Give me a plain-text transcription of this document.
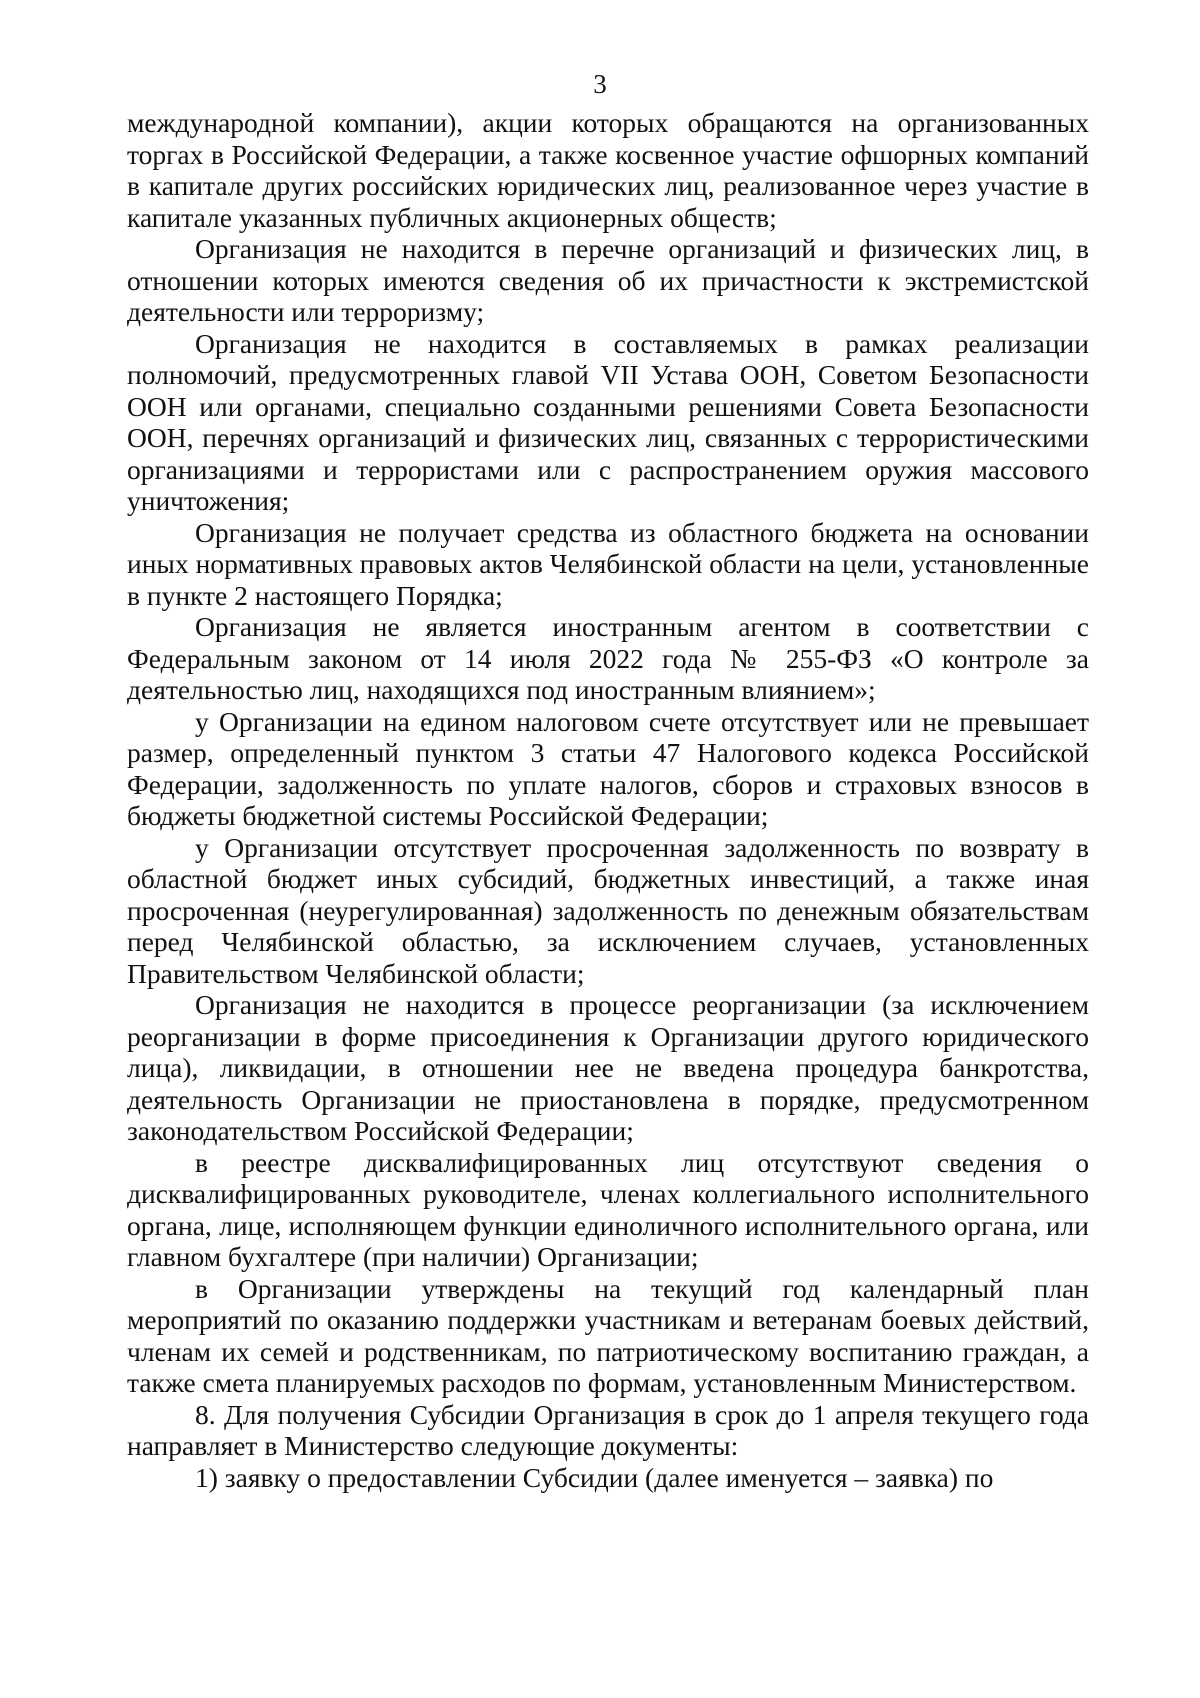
3

международной компании), акции которых обращаются на организованных торгах в Российской Федерации, а также косвенное участие офшорных компаний в капитале других российских юридических лиц, реализованное через участие в капитале указанных публичных акционерных обществ;

Организация не находится в перечне организаций и физических лиц, в отношении которых имеются сведения об их причастности к экстремистской деятельности или терроризму;

Организация не находится в составляемых в рамках реализации полномочий, предусмотренных главой VII Устава ООН, Советом Безопасности ООН или органами, специально созданными решениями Совета Безопасности ООН, перечнях организаций и физических лиц, связанных с террористическими организациями и террористами или с распространением оружия массового уничтожения;

Организация не получает средства из областного бюджета на основании иных нормативных правовых актов Челябинской области на цели, установленные в пункте 2 настоящего Порядка;

Организация не является иностранным агентом в соответствии с Федеральным законом от 14 июля 2022 года № 255-ФЗ «О контроле за деятельностью лиц, находящихся под иностранным влиянием»;

у Организации на едином налоговом счете отсутствует или не превышает размер, определенный пунктом 3 статьи 47 Налогового кодекса Российской Федерации, задолженность по уплате налогов, сборов и страховых взносов в бюджеты бюджетной системы Российской Федерации;

у Организации отсутствует просроченная задолженность по возврату в областной бюджет иных субсидий, бюджетных инвестиций, а также иная просроченная (неурегулированная) задолженность по денежным обязательствам перед Челябинской областью, за исключением случаев, установленных Правительством Челябинской области;

Организация не находится в процессе реорганизации (за исключением реорганизации в форме присоединения к Организации другого юридического лица), ликвидации, в отношении нее не введена процедура банкротства, деятельность Организации не приостановлена в порядке, предусмотренном законодательством Российской Федерации;

в реестре дисквалифицированных лиц отсутствуют сведения о дисквалифицированных руководителе, членах коллегиального исполнительного органа, лице, исполняющем функции единоличного исполнительного органа, или главном бухгалтере (при наличии) Организации;

в Организации утверждены на текущий год календарный план мероприятий по оказанию поддержки участникам и ветеранам боевых действий, членам их семей и родственникам, по патриотическому воспитанию граждан, а также смета планируемых расходов по формам, установленным Министерством.

8. Для получения Субсидии Организация в срок до 1 апреля текущего года направляет в Министерство следующие документы:

1) заявку о предоставлении Субсидии (далее именуется – заявка) по
